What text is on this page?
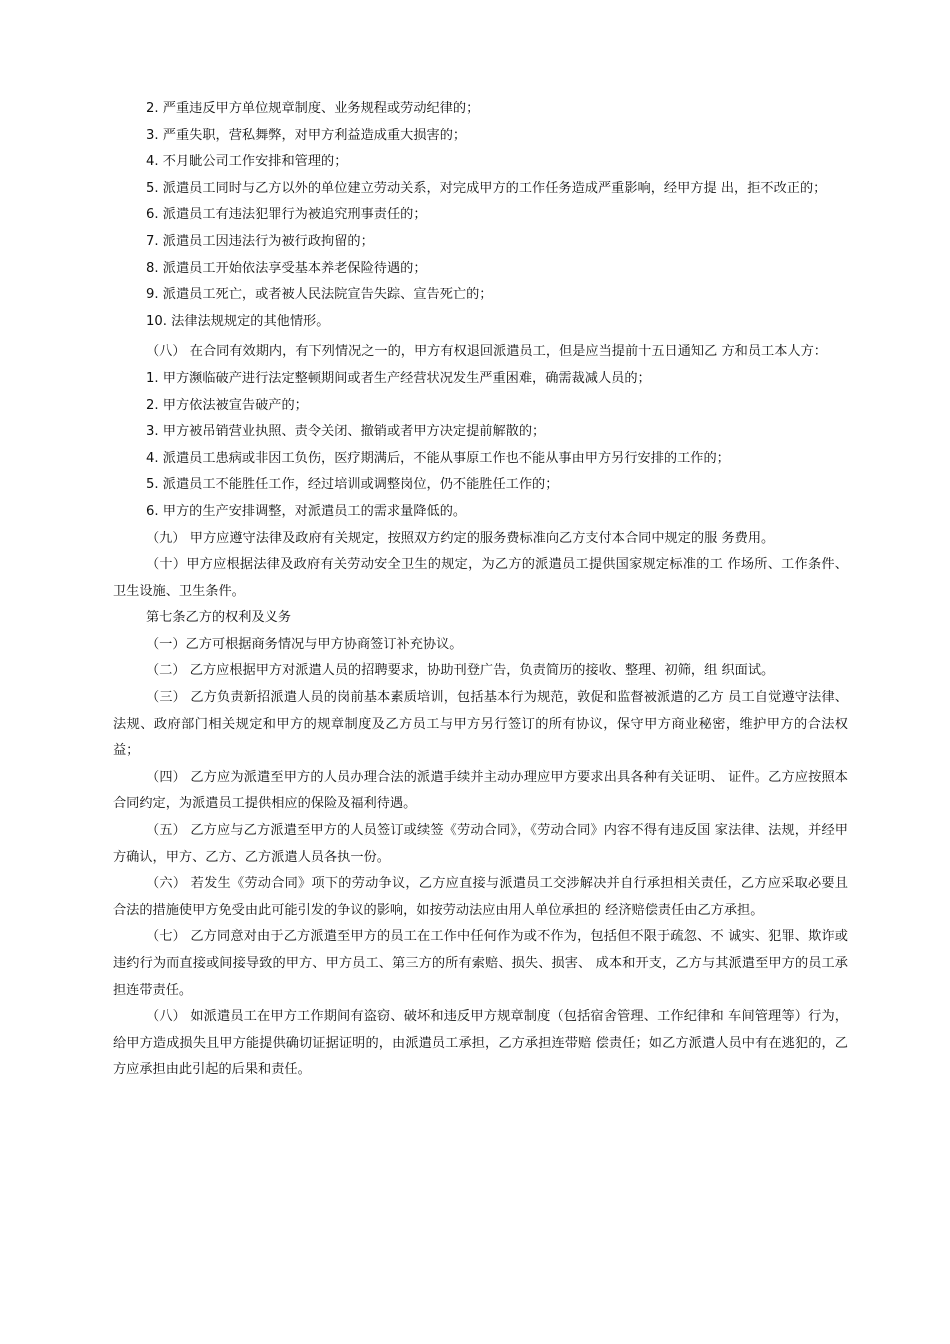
2. 严重违反甲方单位规章制度、业务规程或劳动纪律的；

3. 严重失职，营私舞弊，对甲方利益造成重大损害的；

4. 不月眦公司工作安排和管理的；

5. 派遣员工同时与乙方以外的单位建立劳动关系，对完成甲方的工作任务造成严重影响，经甲方提 出，拒不改正的；

6. 派遣员工有违法犯罪行为被追究刑事责任的；

7. 派遣员工因违法行为被行政拘留的；

8. 派遣员工开始依法享受基本养老保险待遇的；

9. 派遣员工死亡，或者被人民法院宣告失踪、宣告死亡的；

10. 法律法规规定的其他情形。

（八） 在合同有效期内，有下列情况之一的，甲方有权退回派遣员工，但是应当提前十五日通知乙 方和员工本人方：

1. 甲方濒临破产进行法定整顿期间或者生产经营状况发生严重困难，确需裁减人员的；

2. 甲方依法被宣告破产的；

3. 甲方被吊销营业执照、责令关闭、撤销或者甲方决定提前解散的；

4. 派遣员工患病或非因工负伤，医疗期满后，不能从事原工作也不能从事由甲方另行安排的工作的；

5. 派遣员工不能胜任工作，经过培训或调整岗位，仍不能胜任工作的；

6. 甲方的生产安排调整，对派遣员工的需求量降低的。

（九） 甲方应遵守法律及政府有关规定，按照双方约定的服务费标准向乙方支付本合同中规定的服 务费用。

（十）甲方应根据法律及政府有关劳动安全卫生的规定，为乙方的派遣员工提供国家规定标准的工 作场所、工作条件、卫生设施、卫生条件。

第七条乙方的权利及义务

（一）乙方可根据商务情况与甲方协商签订补充协议。

（二） 乙方应根据甲方对派遣人员的招聘要求，协助刊登广告，负责简历的接收、整理、初筛，组 织面试。

（三） 乙方负责新招派遣人员的岗前基本素质培训，包括基本行为规范，敦促和监督被派遣的乙方 员工自觉遵守法律、法规、政府部门相关规定和甲方的规章制度及乙方员工与甲方另行签订的所有协议，保守甲方商业秘密，维护甲方的合法权益；

（四） 乙方应为派遣至甲方的人员办理合法的派遣手续并主动办理应甲方要求出具各种有关证明、 证件。乙方应按照本合同约定，为派遣员工提供相应的保险及福利待遇。

（五） 乙方应与乙方派遣至甲方的人员签订或续签《劳动合同》，《劳动合同》内容不得有违反国 家法律、法规，并经甲方确认，甲方、乙方、乙方派遣人员各执一份。

（六） 若发生《劳动合同》项下的劳动争议，乙方应直接与派遣员工交涉解决并自行承担相关责任，乙方应采取必要且合法的措施使甲方免受由此可能引发的争议的影响，如按劳动法应由用人单位承担的 经济赔偿责任由乙方承担。

（七） 乙方同意对由于乙方派遣至甲方的员工在工作中任何作为或不作为，包括但不限于疏忽、不 诚实、犯罪、欺诈或违约行为而直接或间接导致的甲方、甲方员工、第三方的所有索赔、损失、损害、 成本和开支，乙方与其派遣至甲方的员工承担连带责任。

（八） 如派遣员工在甲方工作期间有盗窃、破坏和违反甲方规章制度（包括宿舍管理、工作纪律和 车间管理等）行为，给甲方造成损失且甲方能提供确切证据证明的，由派遣员工承担，乙方承担连带赔 偿责任；如乙方派遣人员中有在逃犯的，乙方应承担由此引起的后果和责任。
